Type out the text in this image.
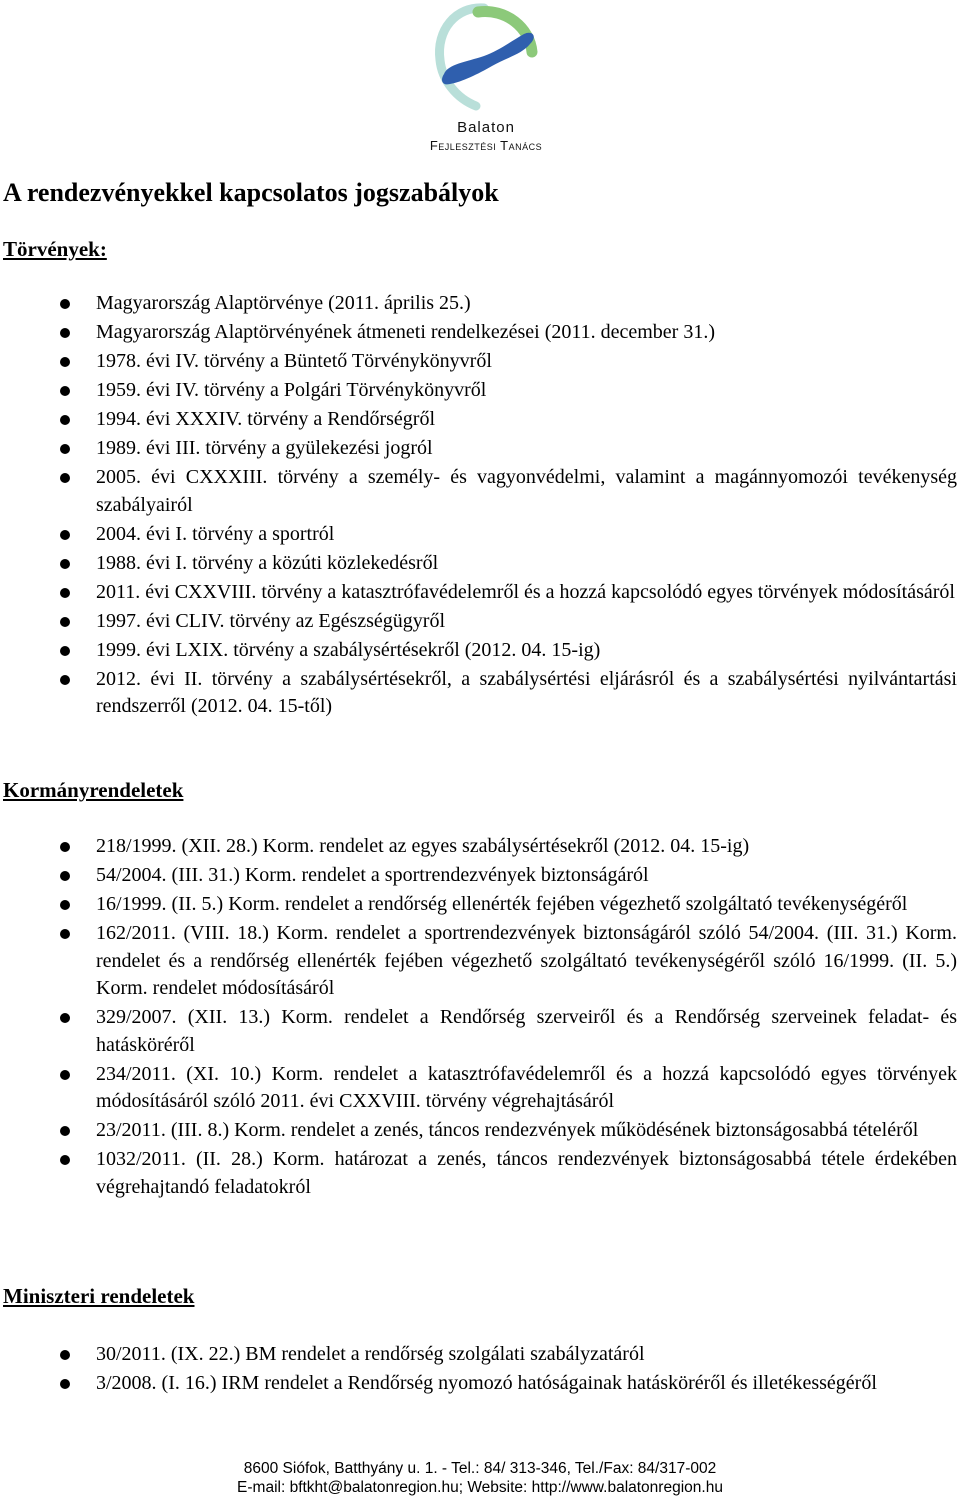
Balaton
Fejlesztési Tanács
A rendezvényekkel kapcsolatos jogszabályok
Törvények:
Magyarország Alaptörvénye (2011. április 25.)
Magyarország Alaptörvényének átmeneti rendelkezései (2011. december 31.)
1978. évi IV. törvény a Büntető Törvénykönyvről
1959. évi IV. törvény a Polgári Törvénykönyvről
1994. évi XXXIV. törvény a Rendőrségről
1989. évi III. törvény a gyülekezési jogról
2005. évi CXXXIII. törvény a személy- és vagyonvédelmi, valamint a magánnyomozói tevékenység szabályairól
2004. évi I. törvény a sportról
1988. évi I. törvény a közúti közlekedésről
2011. évi CXXVIII. törvény a katasztrófavédelemről és a hozzá kapcsolódó egyes törvények módosításáról
1997. évi CLIV. törvény az Egészségügyről
1999. évi LXIX. törvény a szabálysértésekről (2012. 04. 15-ig)
2012. évi II. törvény a szabálysértésekről, a szabálysértési eljárásról és a szabálysértési nyilvántartási rendszerről (2012. 04. 15-től)
Kormányrendeletek
218/1999. (XII. 28.) Korm. rendelet az egyes szabálysértésekről (2012. 04. 15-ig)
54/2004. (III. 31.) Korm. rendelet a sportrendezvények biztonságáról
16/1999. (II. 5.) Korm. rendelet a rendőrség ellenérték fejében végezhető szolgáltató tevékenységéről
162/2011. (VIII. 18.) Korm. rendelet a sportrendezvények biztonságáról szóló 54/2004. (III. 31.) Korm. rendelet és a rendőrség ellenérték fejében végezhető szolgáltató tevékenységéről szóló 16/1999. (II. 5.) Korm. rendelet módosításáról
329/2007. (XII. 13.) Korm. rendelet a Rendőrség szerveiről és a Rendőrség szerveinek feladat- és hatásköréről
234/2011. (XI. 10.) Korm. rendelet a katasztrófavédelemről és a hozzá kapcsolódó egyes törvények módosításáról szóló 2011. évi CXXVIII. törvény végrehajtásáról
23/2011. (III. 8.) Korm. rendelet a zenés, táncos rendezvények működésének biztonságosabbá tételéről
1032/2011. (II. 28.) Korm. határozat a zenés, táncos rendezvények biztonságosabbá tétele érdekében végrehajtandó feladatokról
Miniszteri rendeletek
30/2011. (IX. 22.) BM rendelet a rendőrség szolgálati szabályzatáról
3/2008. (I. 16.) IRM rendelet a Rendőrség nyomozó hatóságainak hatásköréről és illetékességéről
8600 Siófok, Batthyány u. 1. - Tel.: 84/ 313-346, Tel./Fax: 84/317-002
E-mail: bftkht@balatonregion.hu; Website: http://www.balatonregion.hu
